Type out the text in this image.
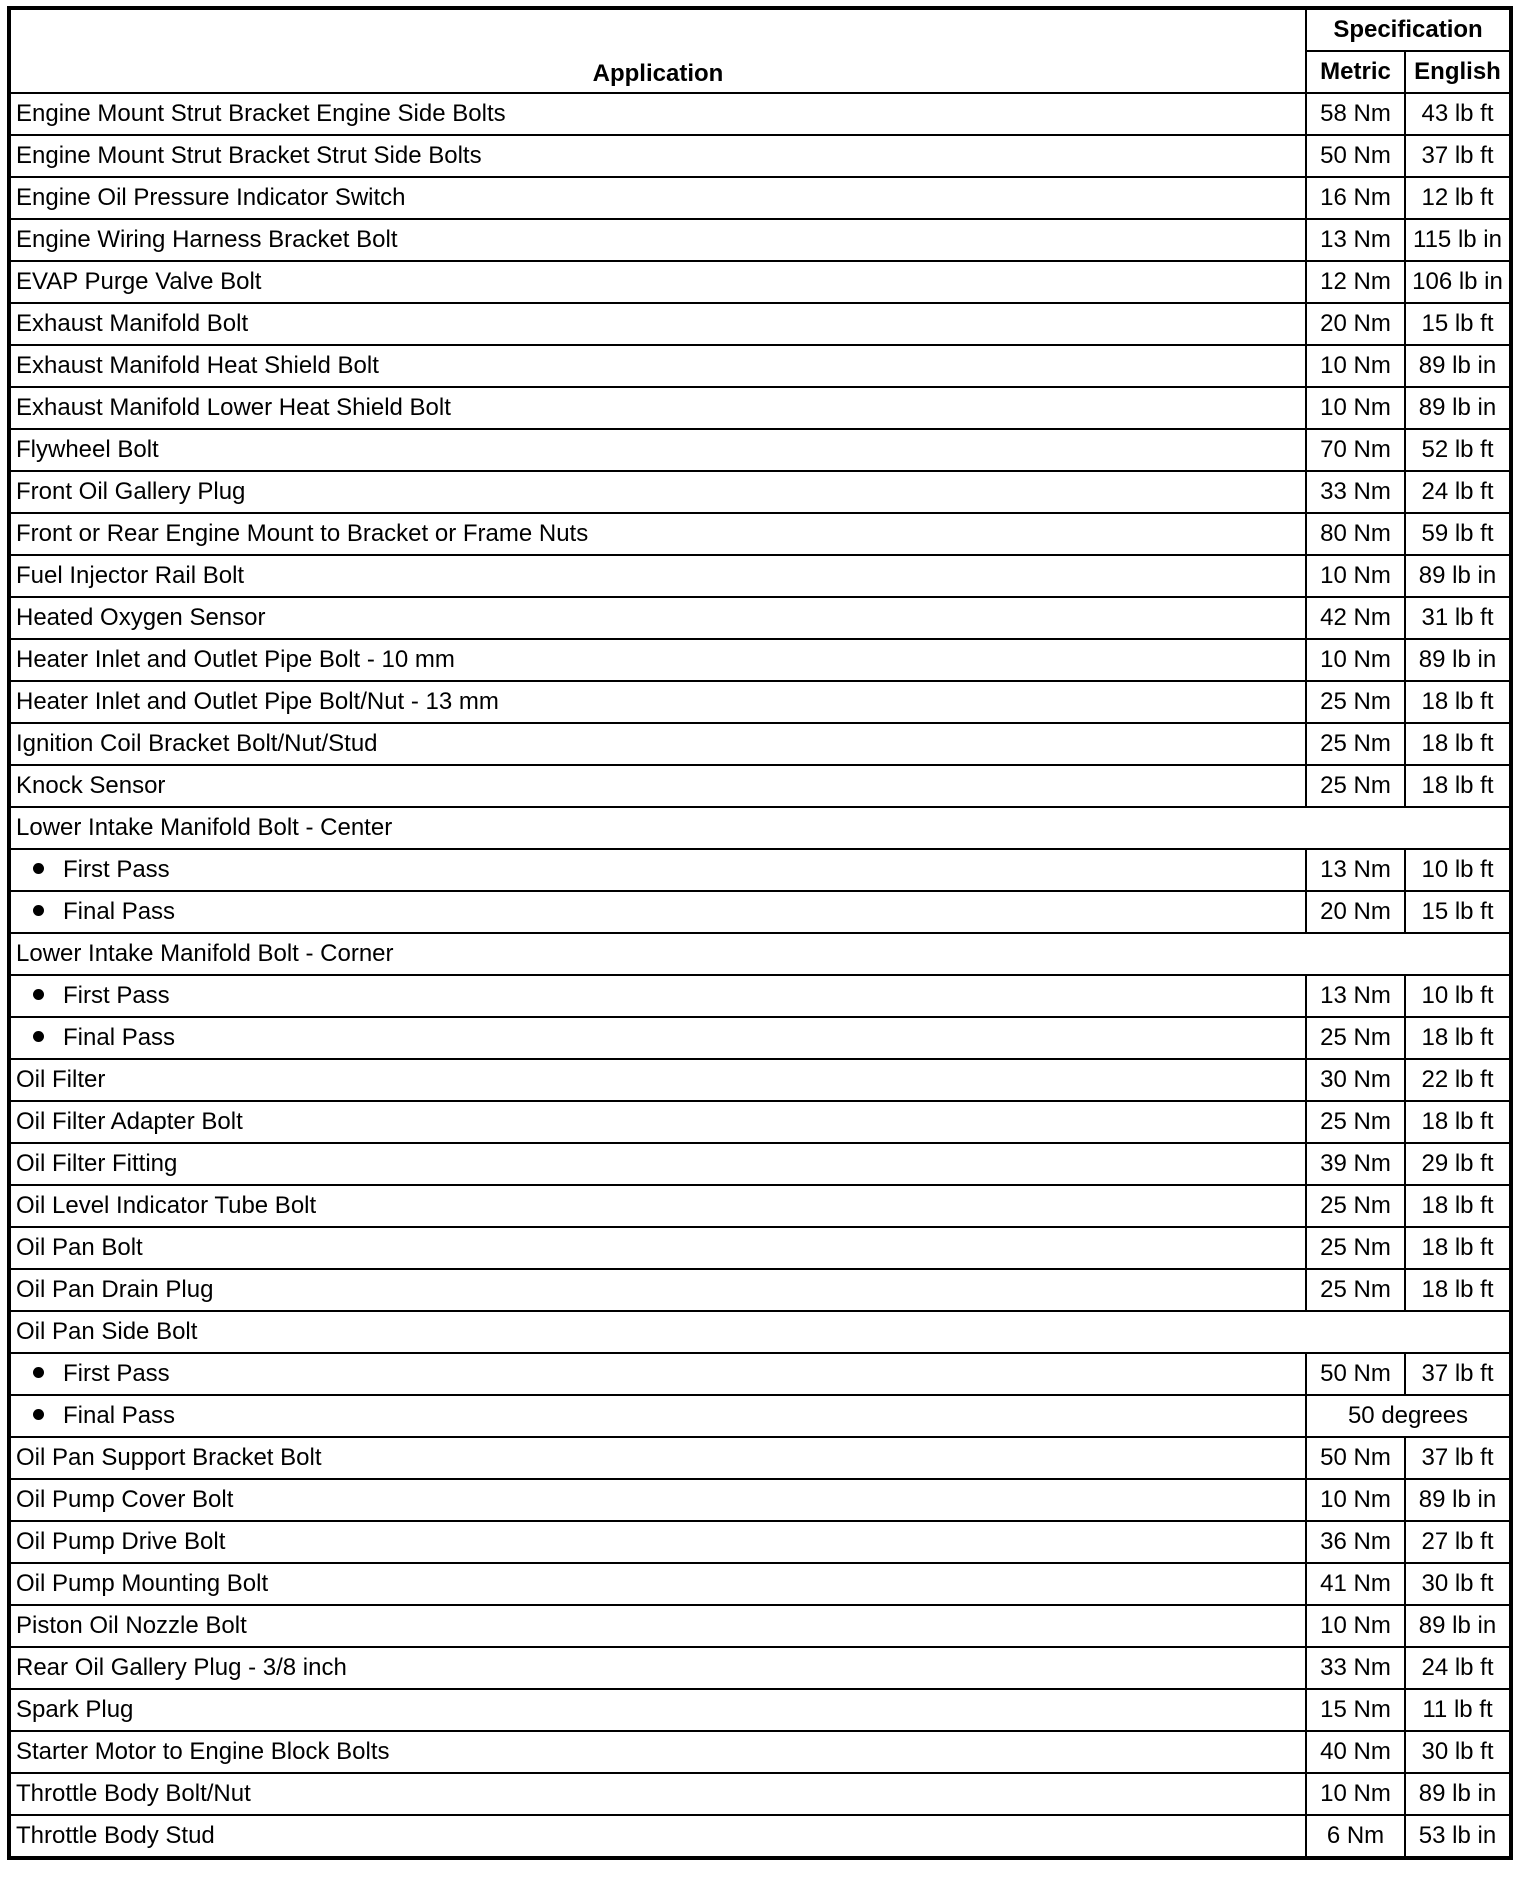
Application	Specification	
	Metric	English
Engine Mount Strut Bracket Engine Side Bolts	58 Nm	43 lb ft
Engine Mount Strut Bracket Strut Side Bolts	50 Nm	37 lb ft
Engine Oil Pressure Indicator Switch	16 Nm	12 lb ft
Engine Wiring Harness Bracket Bolt	13 Nm	115 lb in
EVAP Purge Valve Bolt	12 Nm	106 lb in
Exhaust Manifold Bolt	20 Nm	15 lb ft
Exhaust Manifold Heat Shield Bolt	10 Nm	89 lb in
Exhaust Manifold Lower Heat Shield Bolt	10 Nm	89 lb in
Flywheel Bolt	70 Nm	52 lb ft
Front Oil Gallery Plug	33 Nm	24 lb ft
Front or Rear Engine Mount to Bracket or Frame Nuts	80 Nm	59 lb ft
Fuel Injector Rail Bolt	10 Nm	89 lb in
Heated Oxygen Sensor	42 Nm	31 lb ft
Heater Inlet and Outlet Pipe Bolt - 10 mm	10 Nm	89 lb in
Heater Inlet and Outlet Pipe Bolt/Nut - 13 mm	25 Nm	18 lb ft
Ignition Coil Bracket Bolt/Nut/Stud	25 Nm	18 lb ft
Knock Sensor	25 Nm	18 lb ft
Lower Intake Manifold Bolt - Center		
First Pass	13 Nm	10 lb ft
Final Pass	20 Nm	15 lb ft
Lower Intake Manifold Bolt - Corner		
First Pass	13 Nm	10 lb ft
Final Pass	25 Nm	18 lb ft
Oil Filter	30 Nm	22 lb ft
Oil Filter Adapter Bolt	25 Nm	18 lb ft
Oil Filter Fitting	39 Nm	29 lb ft
Oil Level Indicator Tube Bolt	25 Nm	18 lb ft
Oil Pan Bolt	25 Nm	18 lb ft
Oil Pan Drain Plug	25 Nm	18 lb ft
Oil Pan Side Bolt		
First Pass	50 Nm	37 lb ft
Final Pass	50 degrees	
Oil Pan Support Bracket Bolt	50 Nm	37 lb ft
Oil Pump Cover Bolt	10 Nm	89 lb in
Oil Pump Drive Bolt	36 Nm	27 lb ft
Oil Pump Mounting Bolt	41 Nm	30 lb ft
Piston Oil Nozzle Bolt	10 Nm	89 lb in
Rear Oil Gallery Plug - 3/8 inch	33 Nm	24 lb ft
Spark Plug	15 Nm	11 lb ft
Starter Motor to Engine Block Bolts	40 Nm	30 lb ft
Throttle Body Bolt/Nut	10 Nm	89 lb in
Throttle Body Stud	6 Nm	53 lb in
